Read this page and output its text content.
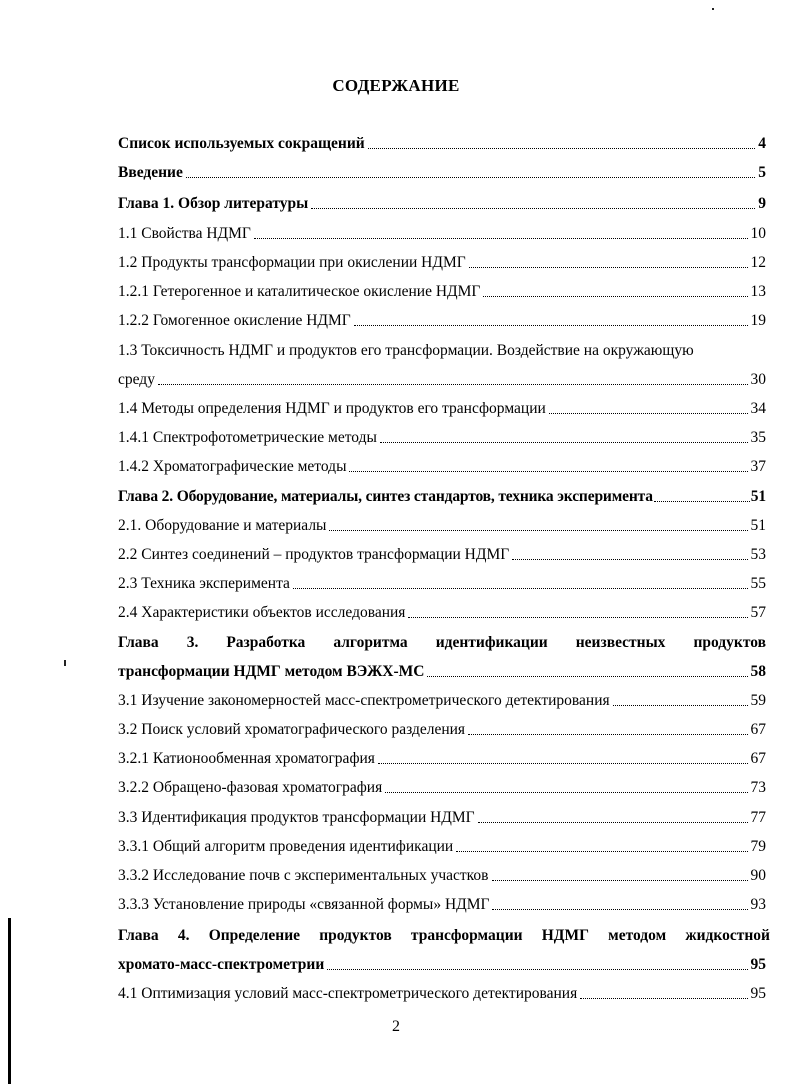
СОДЕРЖАНИЕ
Список используемых сокращений	4
Введение	5
Глава 1. Обзор литературы	9
1.1 Свойства НДМГ	10
1.2 Продукты трансформации при окислении НДМГ	12
1.2.1 Гетерогенное и каталитическое окисление НДМГ	13
1.2.2 Гомогенное окисление НДМГ	19
1.3 Токсичность НДМГ и продуктов его трансформации. Воздействие на окружающую
среду	30
1.4 Методы определения НДМГ и продуктов его трансформации	34
1.4.1 Спектрофотометрические методы	35
1.4.2 Хроматографические методы	37
Глава 2. Оборудование, материалы, синтез стандартов, техника эксперимента	51
2.1. Оборудование и материалы	51
2.2 Синтез соединений – продуктов трансформации НДМГ	53
2.3 Техника эксперимента	55
2.4 Характеристики объектов исследования	57
Глава 3. Разработка алгоритма идентификации неизвестных продуктов
трансформации НДМГ методом ВЭЖХ-МС	58
3.1 Изучение закономерностей масс-спектрометрического детектирования	59
3.2 Поиск условий хроматографического разделения	67
3.2.1 Катионообменная хроматография	67
3.2.2 Обращено-фазовая хроматография	73
3.3 Идентификация продуктов трансформации НДМГ	77
3.3.1 Общий алгоритм проведения идентификации	79
3.3.2 Исследование почв с экспериментальных участков	90
3.3.3 Установление природы «связанной формы» НДМГ	93
Глава 4. Определение продуктов трансформации НДМГ методом жидкостной
хромато-масс-спектрометрии	95
4.1 Оптимизация условий масс-спектрометрического детектирования	95
2
